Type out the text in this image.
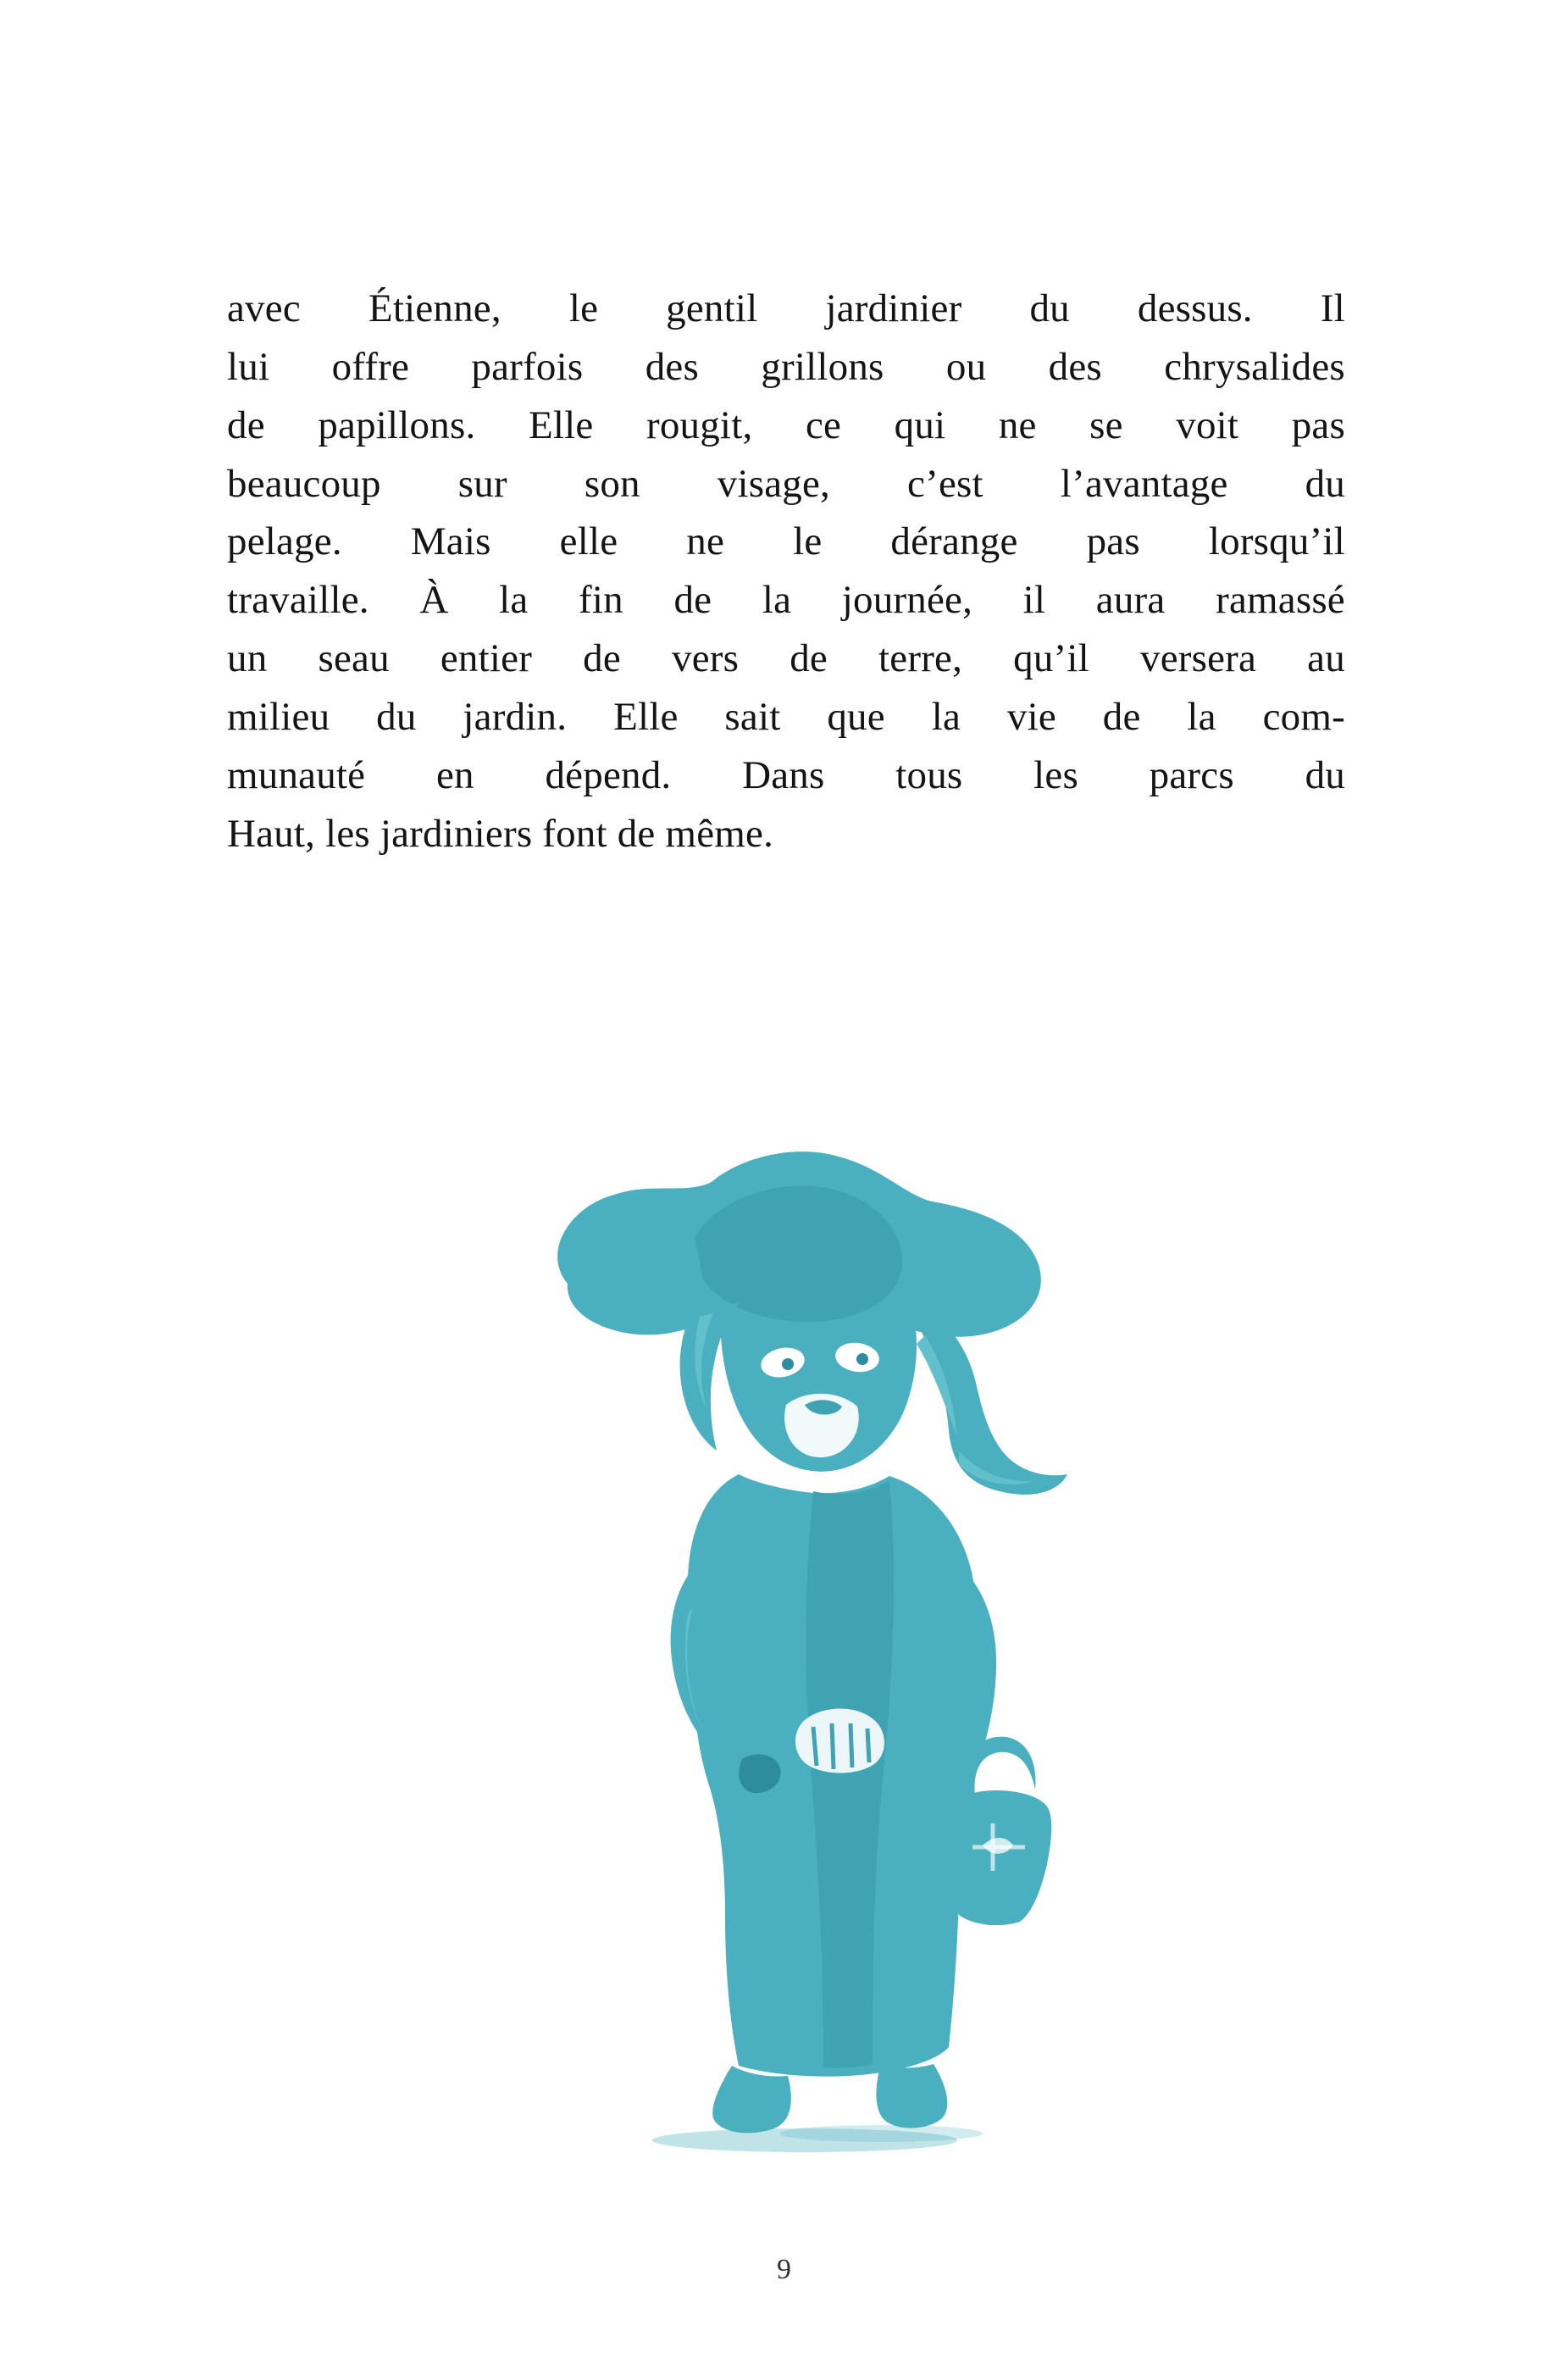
avec Étienne, le gentil jardinier du dessus. Il
lui offre parfois des grillons ou des chrysalides
de papillons. Elle rougit, ce qui ne se voit pas
beaucoup sur son visage, c’est l’avantage du
pelage. Mais elle ne le dérange pas lorsqu’il
travaille. À la fin de la journée, il aura ramassé
un seau entier de vers de terre, qu’il versera au
milieu du jardin. Elle sait que la vie de la com-
munauté en dépend. Dans tous les parcs du
Haut, les jardiniers font de même.

9
